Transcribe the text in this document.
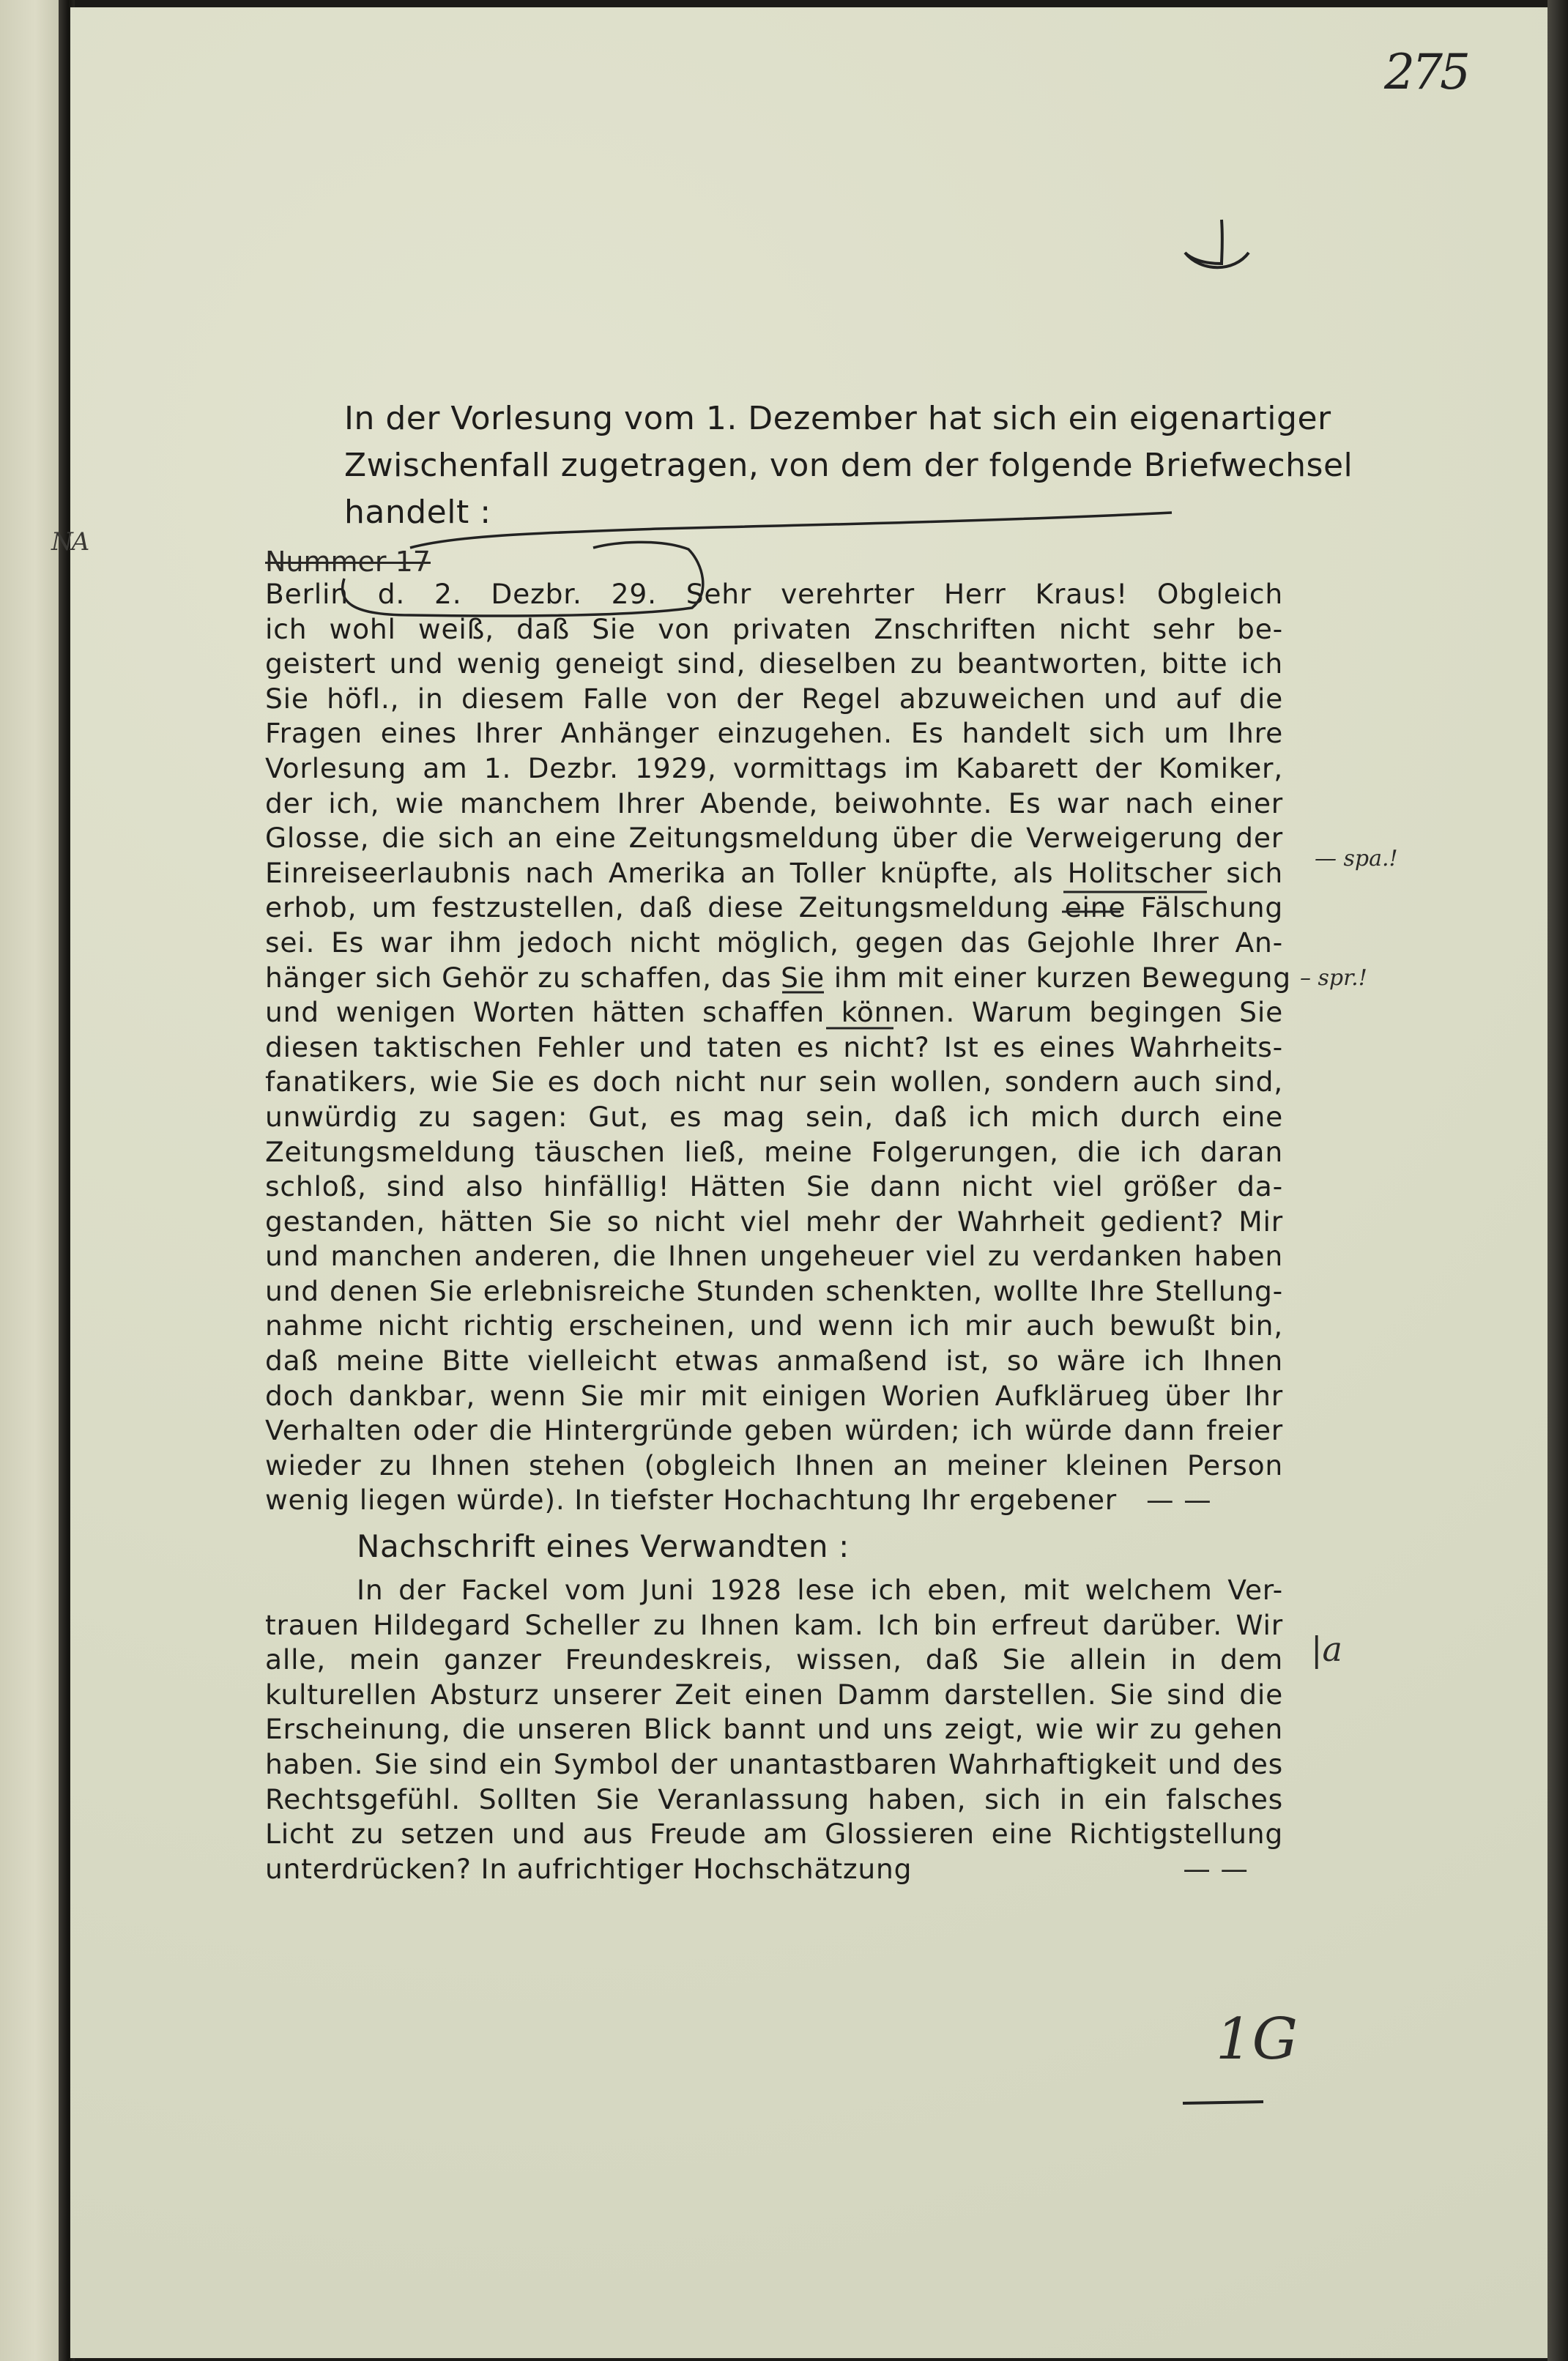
275
NA
— spa.!
– spr.!
|a
1G
In der Vorlesung vom 1. Dezember hat sich ein eigenartiger
Zwischenfall zugetragen, von dem der folgende Briefwechsel
handelt :
Nummer 17
Berlin d. 2. Dezbr. 29. Sehr verehrter Herr Kraus! Obgleich
ich wohl weiß, daß Sie von privaten Znschriften nicht sehr be-
geistert und wenig geneigt sind, dieselben zu beantworten, bitte ich
Sie höfl., in diesem Falle von der Regel abzuweichen und auf die
Fragen eines Ihrer Anhänger einzugehen. Es handelt sich um Ihre
Vorlesung am 1. Dezbr. 1929, vormittags im Kabarett der Komiker,
der ich, wie manchem Ihrer Abende, beiwohnte. Es war nach einer
Glosse, die sich an eine Zeitungsmeldung über die Verweigerung der
Einreiseerlaubnis nach Amerika an Toller knüpfte, als Holitscher sich
erhob, um festzustellen, daß diese Zeitungsmeldung eine Fälschung
sei. Es war ihm jedoch nicht möglich, gegen das Gejohle Ihrer An-
hänger sich Gehör zu schaffen, das Sie ihm mit einer kurzen Bewegung
und wenigen Worten hätten schaffen können. Warum begingen Sie
diesen taktischen Fehler und taten es nicht? Ist es eines Wahrheits-
fanatikers, wie Sie es doch nicht nur sein wollen, sondern auch sind,
unwürdig zu sagen: Gut, es mag sein, daß ich mich durch eine
Zeitungsmeldung täuschen ließ, meine Folgerungen, die ich daran
schloß, sind also hinfällig! Hätten Sie dann nicht viel größer da-
gestanden, hätten Sie so nicht viel mehr der Wahrheit gedient? Mir
und manchen anderen, die Ihnen ungeheuer viel zu verdanken haben
und denen Sie erlebnisreiche Stunden schenkten, wollte Ihre Stellung-
nahme nicht richtig erscheinen, und wenn ich mir auch bewußt bin,
daß meine Bitte vielleicht etwas anmaßend ist, so wäre ich Ihnen
doch dankbar, wenn Sie mir mit einigen Worien Aufkläruеg über Ihr
Verhalten oder die Hintergründe geben würden; ich würde dann freier
wieder zu Ihnen stehen (obgleich Ihnen an meiner kleinen Person
wenig liegen würde). In tiefster Hochachtung Ihr ergebener — —
Nachschrift eines Verwandten :
In der Fackel vom Juni 1928 lese ich eben, mit welchem Ver-
trauen Hildegard Scheller zu Ihnen kam. Ich bin erfreut darüber. Wir
alle, mein ganzer Freundeskreis, wissen, daß Sie allein in dem
kulturellen Absturz unserer Zeit einen Damm darstellen. Sie sind die
Erscheinung, die unseren Blick bannt und uns zeigt, wie wir zu gehen
haben. Sie sind ein Symbol der unantastbaren Wahrhaftigkeit und des
Rechtsgefühl. Sollten Sie Veranlassung haben, sich in ein falsches
Licht zu setzen und aus Freude am Glossieren eine Richtigstellung
unterdrücken? In aufrichtiger Hochschätzung	— —
